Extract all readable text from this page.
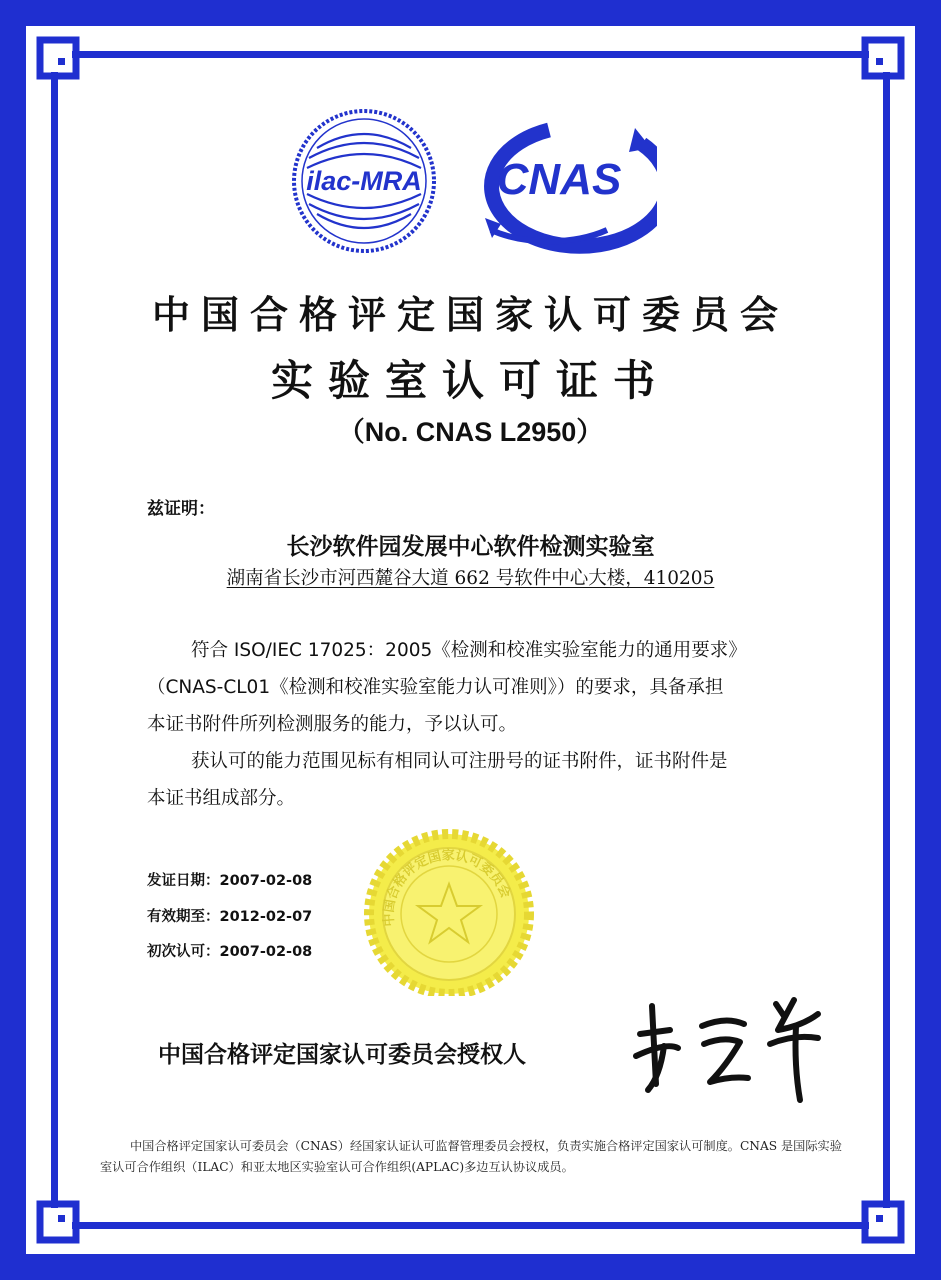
ilac-MRA CNAS
中国合格评定国家认可委员会
实验室认可证书
（No. CNAS L2950）
兹证明：
长沙软件园发展中心软件检测实验室
湖南省长沙市河西麓谷大道 662 号软件中心大楼，410205

符合 ISO/IEC 17025：2005《检测和校准实验室能力的通用要求》

（CNAS-CL01《检测和校准实验室能力认可准则》）的要求，具备承担

本证书附件所列检测服务的能力，予以认可。

获认可的能力范围见标有相同认可注册号的证书附件，证书附件是

本证书组成部分。

发证日期：2007-02-08
有效期至：2012-02-07
初次认可：2007-02-08
中国合格评定国家认可委员会
中国合格评定国家认可委员会授权人
中国合格评定国家认可委员会（CNAS）经国家认证认可监督管理委员会授权，负责实施合格评定国家认可制度。CNAS 是国际实验室认可合作组织（ILAC）和亚太地区实验室认可合作组织(APLAC)多边互认协议成员。
